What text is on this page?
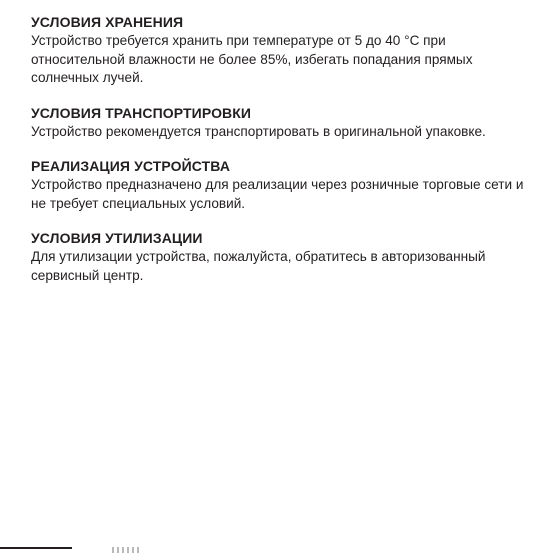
УСЛОВИЯ ХРАНЕНИЯ

Устройство требуется хранить при температуре от 5 до 40 °С при относительной влажности не более 85%, избегать попадания прямых солнечных лучей.

УСЛОВИЯ ТРАНСПОРТИРОВКИ

Устройство рекомендуется транспортировать в оригинальной упаковке.

РЕАЛИЗАЦИЯ УСТРОЙСТВА

Устройство предназначено для реализации через розничные торговые сети и не требует специальных условий.

УСЛОВИЯ УТИЛИЗАЦИИ

Для утилизации устройства, пожалуйста, обратитесь в авторизованный сервисный центр.
